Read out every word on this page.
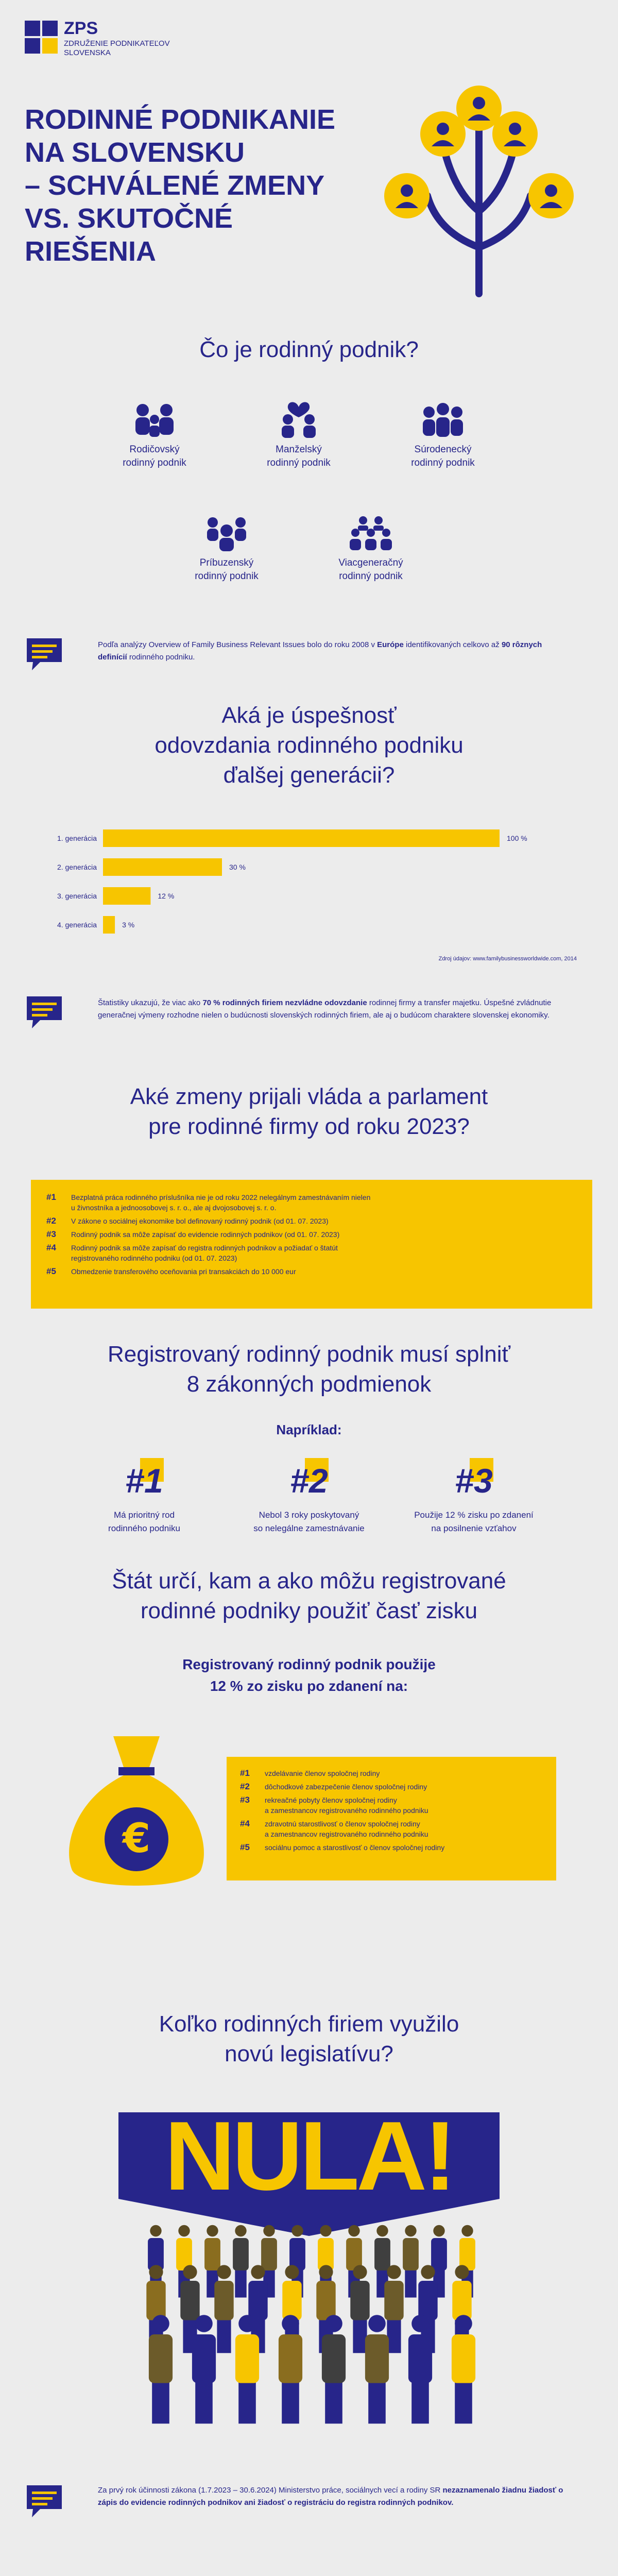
ZPS
ZDRUŽENIE PODNIKATEĽOV
SLOVENSKA
RODINNÉ PODNIKANIE
NA SLOVENSKU
– SCHVÁLENÉ ZMENY
VS. SKUTOČNÉ
RIEŠENIA
Čo je rodinný podnik?
Rodičovský
rodinný podnik
Manželský
rodinný podnik
Súrodenecký
rodinný podnik
Príbuzenský
rodinný podnik
Viacgeneračný
rodinný podnik
Podľa analýzy Overview of Family Business Relevant Issues bolo do roku 2008 v Európe identifikovaných celkovo až 90 rôznych definícií rodinného podniku.
Aká je úspešnosť
odovzdania rodinného podniku
ďalšej generácii?
1. generácia	100 %
2. generácia	30 %
3. generácia	12 %
4. generácia	3 %
Zdroj údajov: www.familybusinessworldwide.com, 2014
Štatistiky ukazujú, že viac ako 70 % rodinných firiem nezvládne odovzdanie rodinnej firmy a transfer majetku. Úspešné zvládnutie generačnej výmeny rozhodne nielen o budúcnosti slovenských rodinných firiem, ale aj o budúcom charaktere slovenskej ekonomiky.
Aké zmeny prijali vláda a parlament
pre rodinné firmy od roku 2023?
#1 Bezplatná práca rodinného príslušníka nie je od roku 2022 nelegálnym zamestnávaním nielen
u živnostníka a jednoosobovej s. r. o., ale aj dvojosobovej s. r. o.
#2 V zákone o sociálnej ekonomike bol definovaný rodinný podnik (od 01. 07. 2023)
#3 Rodinný podnik sa môže zapísať do evidencie rodinných podnikov (od 01. 07. 2023)
#4 Rodinný podnik sa môže zapísať do registra rodinných podnikov a požiadať o štatút
registrovaného rodinného podniku (od 01. 07. 2023)
#5 Obmedzenie transferového oceňovania pri transakciách do 10 000 eur
Registrovaný rodinný podnik musí splniť
8 zákonných podmienok
Napríklad:
#1
Má prioritný rod
rodinného podniku
#2
Nebol 3 roky poskytovaný
so nelegálne zamestnávanie
#3
Použije 12 % zisku po zdanení
na posilnenie vzťahov
Štát určí, kam a ako môžu registrované
rodinné podniky použiť časť zisku
Registrovaný rodinný podnik použije
12 % zo zisku po zdanení na:
€
#1 vzdelávanie členov spoločnej rodiny
#2 dôchodkové zabezpečenie členov spoločnej rodiny
#3 rekreačné pobyty členov spoločnej rodiny
a zamestnancov registrovaného rodinného podniku
#4 zdravotnú starostlivosť o členov spoločnej rodiny
a zamestnancov registrovaného rodinného podniku
#5 sociálnu pomoc a starostlivosť o členov spoločnej rodiny
Koľko rodinných firiem využilo
novú legislatívu?
NULA!
Za prvý rok účinnosti zákona (1.7.2023 – 30.6.2024) Ministerstvo práce, sociálnych vecí a rodiny SR nezaznamenalo žiadnu žiadosť o zápis do evidencie rodinných podnikov ani žiadosť o registráciu do registra rodinných podnikov.
